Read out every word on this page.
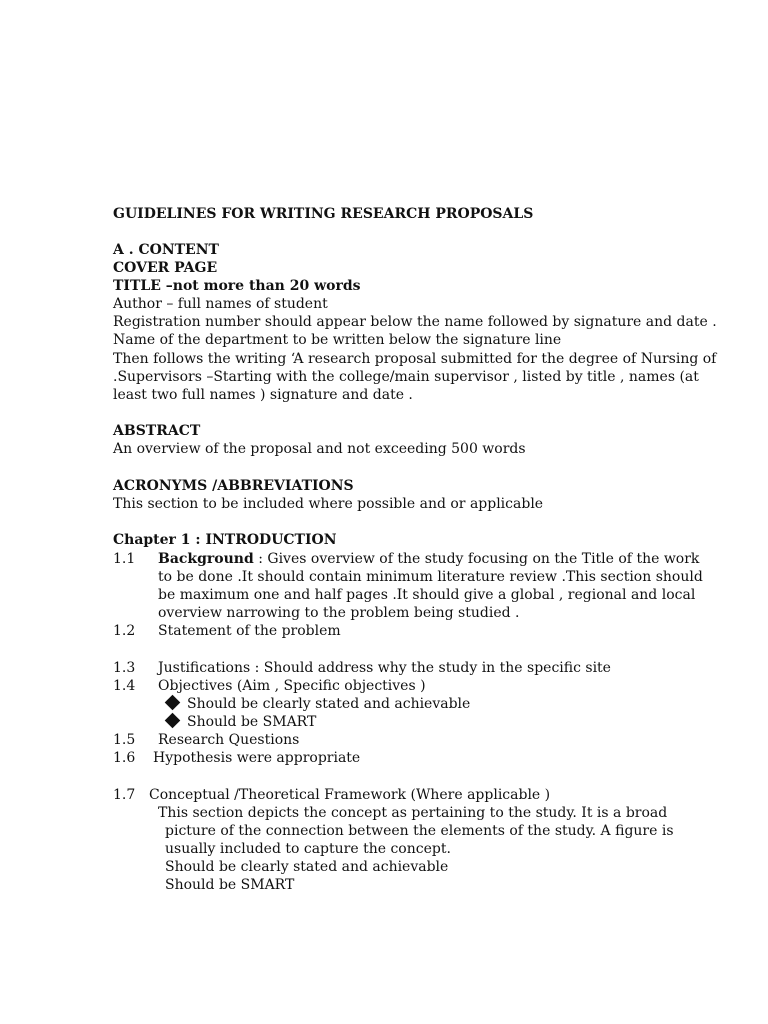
GUIDELINES FOR WRITING RESEARCH PROPOSALS
A . CONTENT
COVER PAGE
TITLE –not more than 20 words
Author – full names of student
Registration number should appear below the name followed by signature and date .
Name of the department to be written below the signature line
Then follows the writing ‘A research proposal submitted for the degree of Nursing of
.Supervisors –Starting with the college/main supervisor , listed by title , names (at
least two full names ) signature and date .
ABSTRACT
An overview of the proposal and not exceeding 500 words
ACRONYMS /ABBREVIATIONS
This section to be included where possible and or applicable
Chapter 1 : INTRODUCTION
1.1 Background : Gives overview of the study focusing on the Title of the work
to be done .It should contain minimum literature review .This section should
be maximum one and half pages .It should give a global , regional and local
overview narrowing to the problem being studied .
1.2 Statement of the problem
1.3 Justifications : Should address why the study in the specific site
1.4 Objectives (Aim , Specific objectives )
Should be clearly stated and achievable
Should be SMART
1.5 Research Questions
1.6 Hypothesis were appropriate
1.7 Conceptual /Theoretical Framework (Where applicable )
This section depicts the concept as pertaining to the study. It is a broad
picture of the connection between the elements of the study. A figure is
usually included to capture the concept.
Should be clearly stated and achievable
Should be SMART
